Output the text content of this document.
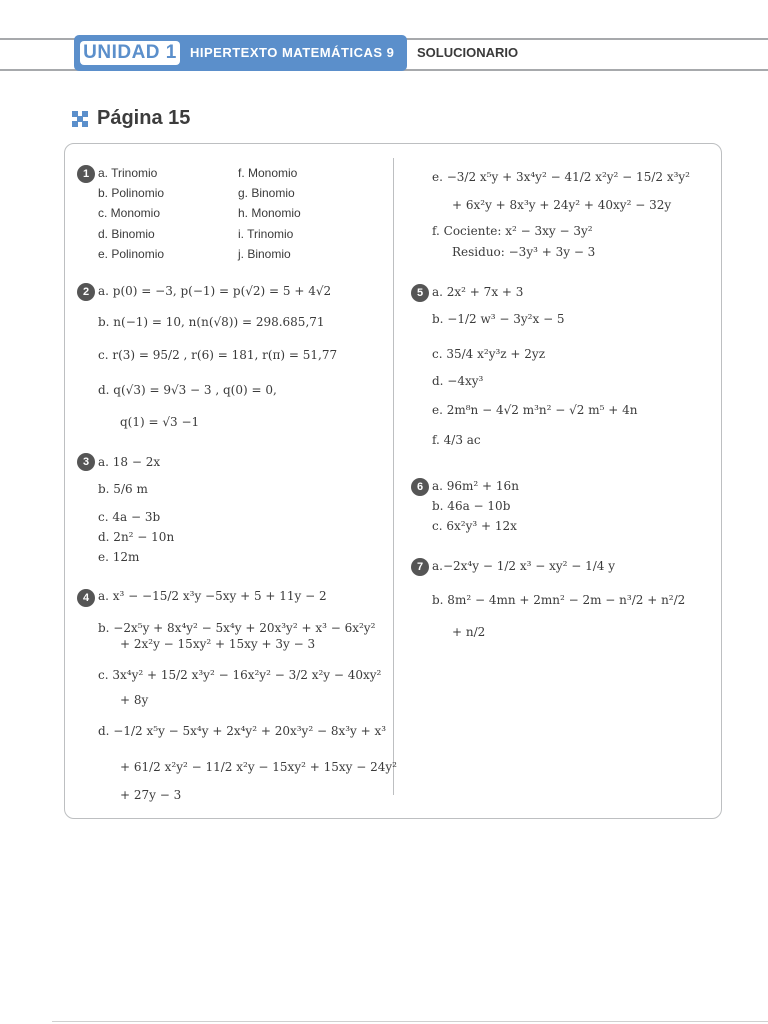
UNIDAD 1 HIPERTEXTO MATEMÁTICAS 9 SOLUCIONARIO
Página 15
1 a. Trinomio
b. Polinomio
c. Monomio
d. Binomio
e. Polinomio
f. Monomio
g. Binomio
h. Monomio
i. Trinomio
j. Binomio
2 a. p(0) = −3, p(−1) = p(√2) = 5 + 4√2
b. n(−1) = 10, n(n(√8)) = 298.685,71
c. r(3) = 95/2 , r(6) = 181, r(π) = 51,77
d. q(√3) = 9√3 − 3 , q(0) = 0,
q(1) = √3 −1
3 a. 18 − 2x
b. 5/6 m
c. 4a − 3b
d. 2n² − 10n
e. 12m
4 a. x³ − −15/2 x³y −5xy + 5 + 11y − 2
b. −2x⁵y + 8x⁴y² − 5x⁴y + 20x³y² + x³ − 6x²y²
+ 2x²y − 15xy² + 15xy + 3y − 3
c. 3x⁴y² + 15/2 x³y² − 16x²y² − 3/2 x²y − 40xy²
+ 8y
d. −1/2 x⁵y − 5x⁴y + 2x⁴y² + 20x³y² − 8x³y + x³
+ 61/2 x²y² − 11/2 x²y − 15xy² + 15xy − 24y²
+ 27y − 3
e. −3/2 x⁵y + 3x⁴y² − 41/2 x²y² − 15/2 x³y²
+ 6x²y + 8x³y + 24y² + 40xy² − 32y
f. Cociente: x² − 3xy − 3y²
Residuo: −3y³ + 3y − 3
5 a. 2x² + 7x + 3
b. −1/2 w³ − 3y²x − 5
c. 35/4 x²y³z + 2yz
d. −4xy³
e. 2m⁸n − 4√2 m³n² − √2 m⁵ + 4n
f. 4/3 ac
6 a. 96m² + 16n
b. 46a − 10b
c. 6x²y³ + 12x
7 a.−2x⁴y − 1/2 x³ − xy² − 1/4 y
b. 8m² − 4mn + 2mn² − 2m − n³/2 + n²/2
+ n/2
